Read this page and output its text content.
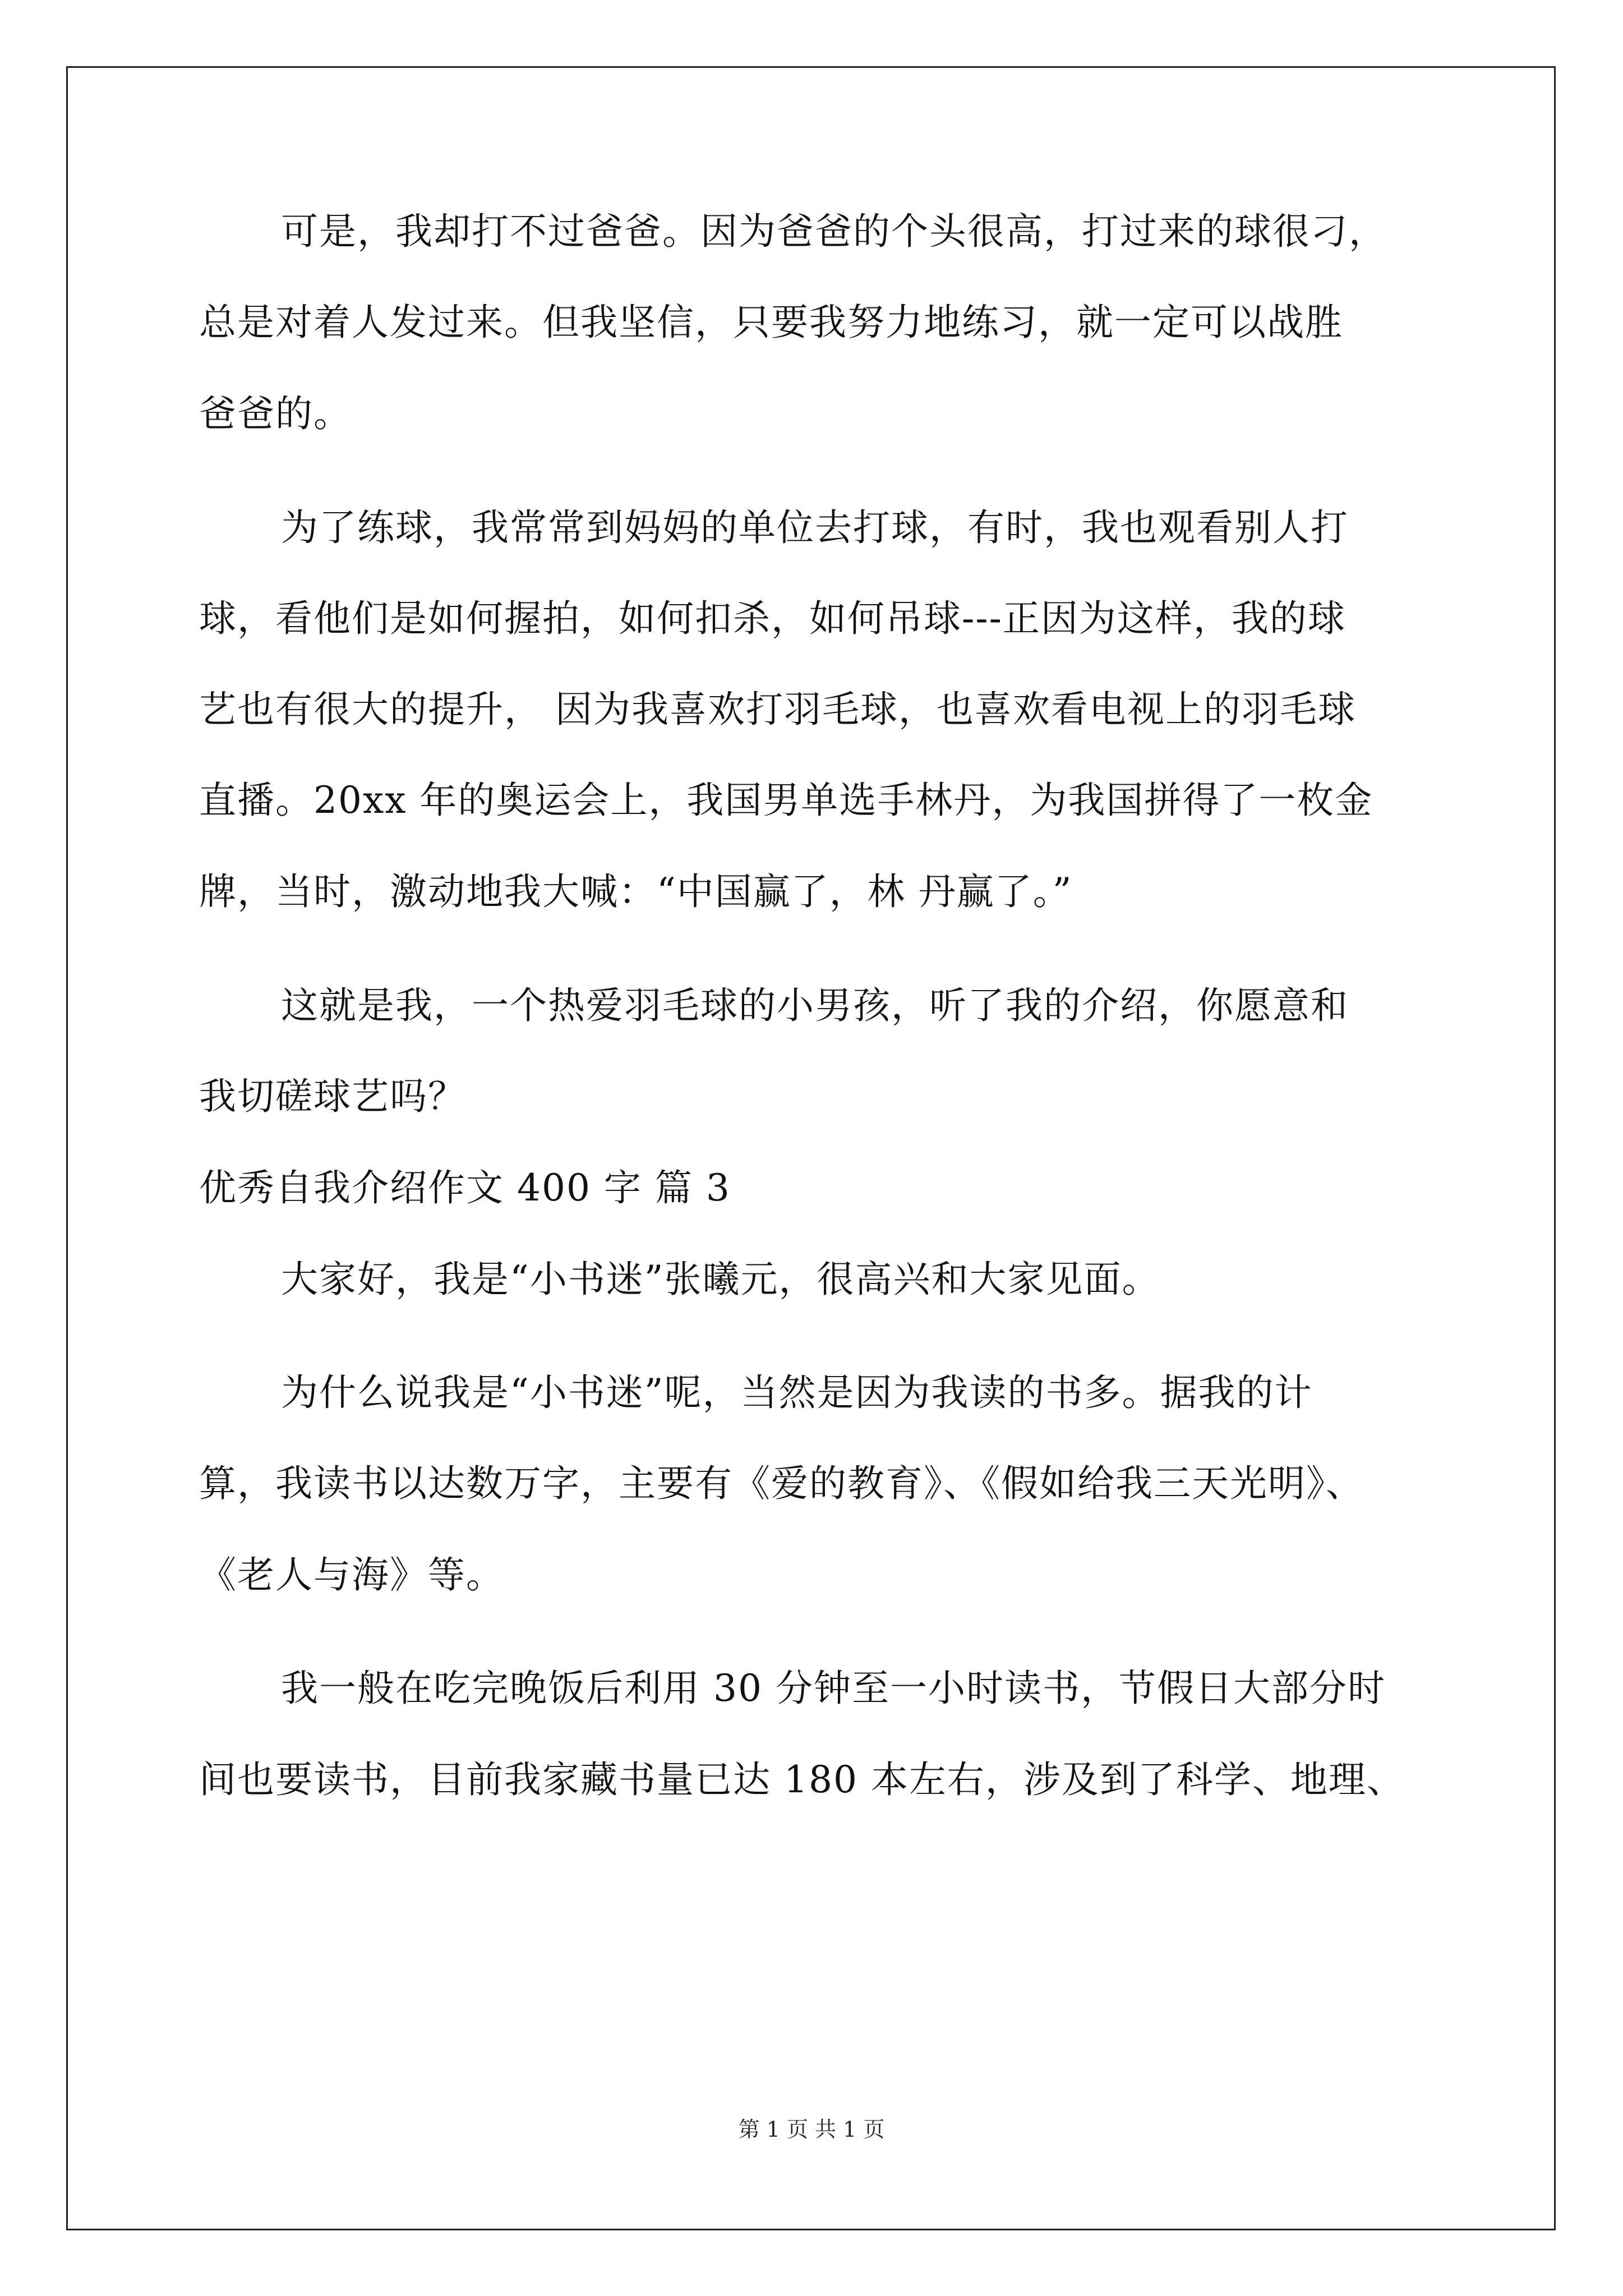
可是，我却打不过爸爸。因为爸爸的个头很高，打过来的球很刁，
总是对着人发过来。但我坚信，只要我努力地练习，就一定可以战胜
爸爸的。
为了练球，我常常到妈妈的单位去打球，有时，我也观看别人打
球，看他们是如何握拍，如何扣杀，如何吊球---正因为这样，我的球
艺也有很大的提升， 因为我喜欢打羽毛球，也喜欢看电视上的羽毛球
直播。20xx 年的奥运会上，我国男单选手林丹，为我国拼得了一枚金
牌，当时，激动地我大喊：“中国赢了，林 丹赢了。”
这就是我，一个热爱羽毛球的小男孩，听了我的介绍，你愿意和
我切磋球艺吗？
优秀自我介绍作文 400 字 篇 3
大家好，我是“小书迷”张曦元，很高兴和大家见面。
为什么说我是“小书迷”呢，当然是因为我读的书多。据我的计
算，我读书以达数万字，主要有《爱的教育》、《假如给我三天光明》、
《老人与海》等。
我一般在吃完晚饭后利用 30 分钟至一小时读书，节假日大部分时
间也要读书，目前我家藏书量已达 180 本左右，涉及到了科学、地理、
第 1 页 共 1 页
